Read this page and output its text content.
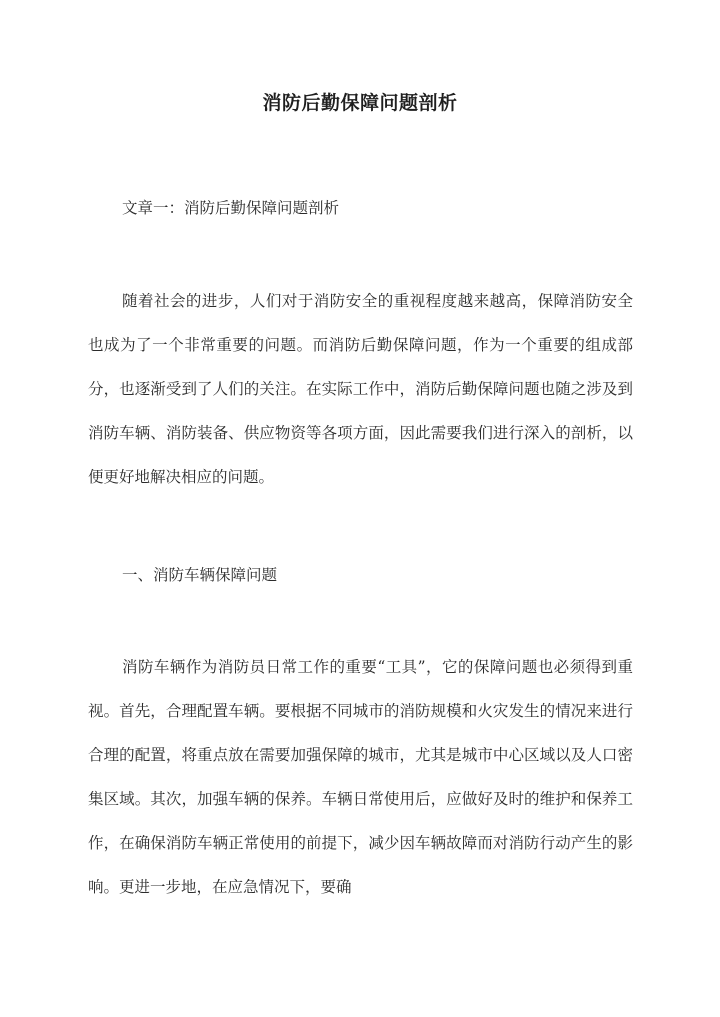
消防后勤保障问题剖析
文章一：消防后勤保障问题剖析

随着社会的进步，人们对于消防安全的重视程度越来越高，保障消防安全也成为了一个非常重要的问题。而消防后勤保障问题，作为一个重要的组成部分，也逐渐受到了人们的关注。在实际工作中，消防后勤保障问题也随之涉及到消防车辆、消防装备、供应物资等各项方面，因此需要我们进行深入的剖析，以便更好地解决相应的问题。

一、消防车辆保障问题

消防车辆作为消防员日常工作的重要“工具”，它的保障问题也必须得到重视。首先，合理配置车辆。要根据不同城市的消防规模和火灾发生的情况来进行合理的配置，将重点放在需要加强保障的城市，尤其是城市中心区域以及人口密集区域。其次，加强车辆的保养。车辆日常使用后，应做好及时的维护和保养工作，在确保消防车辆正常使用的前提下，减少因车辆故障而对消防行动产生的影响。更进一步地，在应急情况下，要确
